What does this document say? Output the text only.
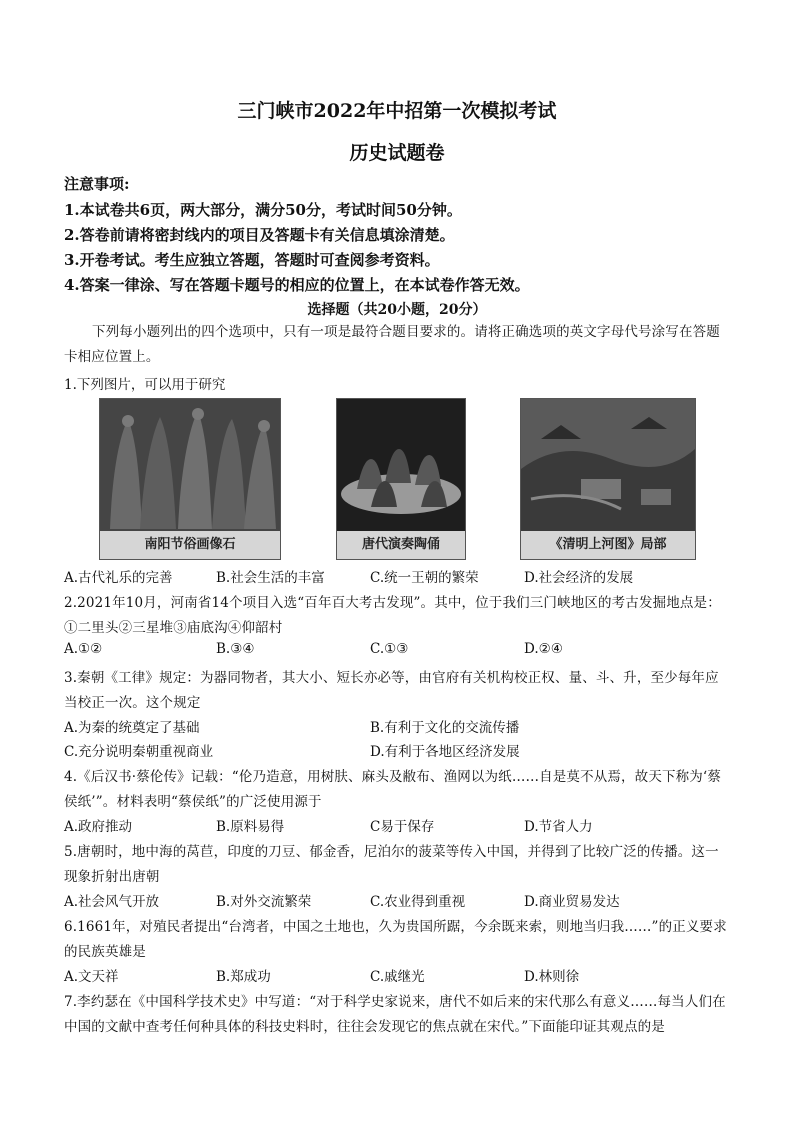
三门峡市2022年中招第一次模拟考试
历史试题卷
注意事项:
1.本试卷共6页，两大部分，满分50分，考试时间50分钟。
2.答卷前请将密封线内的项目及答题卡有关信息填涂清楚。
3.开卷考试。考生应独立答题，答题时可查阅参考资料。
4.答案一律涂、写在答题卡题号的相应的位置上，在本试卷作答无效。
选择题（共20小题，20分）
下列每小题列出的四个选项中，只有一项是最符合题目要求的。请将正确选项的英文字母代号涂写在答题卡相应位置上。
1.下列图片，可以用于研究
南阳节俗画像石	唐代演奏陶俑	《清明上河图》局部
A.古代礼乐的完善	B.社会生活的丰富	C.统一王朝的繁荣	D.社会经济的发展
2.2021年10月，河南省14个项目入选“百年百大考古发现”。其中，位于我们三门峡地区的考古发掘地点是：①二里头②三星堆③庙底沟④仰韶村
A.①②	B.③④	C.①③	D.②④
3.秦朝《工律》规定：为器同物者，其大小、短长亦必等，由官府有关机构校正权、量、斗、升，至少每年应当校正一次。这个规定
A.为秦的统奠定了基础	B.有利于文化的交流传播
C.充分说明秦朝重视商业	D.有利于各地区经济发展
4.《后汉书·蔡伦传》记载：“伦乃造意，用树肤、麻头及敝布、渔网以为纸……自是莫不从焉，故天下称为‘蔡侯纸’”。材料表明“蔡侯纸”的广泛使用源于
A.政府推动	B.原料易得	C易于保存	D.节省人力
5.唐朝时，地中海的莴苣，印度的刀豆、郁金香，尼泊尔的菠菜等传入中国，并得到了比较广泛的传播。这一现象折射出唐朝
A.社会风气开放	B.对外交流繁荣	C.农业得到重视	D.商业贸易发达
6.1661年，对殖民者提出“台湾者，中国之土地也，久为贵国所踞，今余既来索，则地当归我……”的正义要求的民族英雄是
A.文天祥	B.郑成功	C.戚继光	D.林则徐
7.李约瑟在《中国科学技术史》中写道：“对于科学史家说来，唐代不如后来的宋代那么有意义……每当人们在中国的文献中查考任何种具体的科技史料时，往往会发现它的焦点就在宋代。”下面能印证其观点的是
